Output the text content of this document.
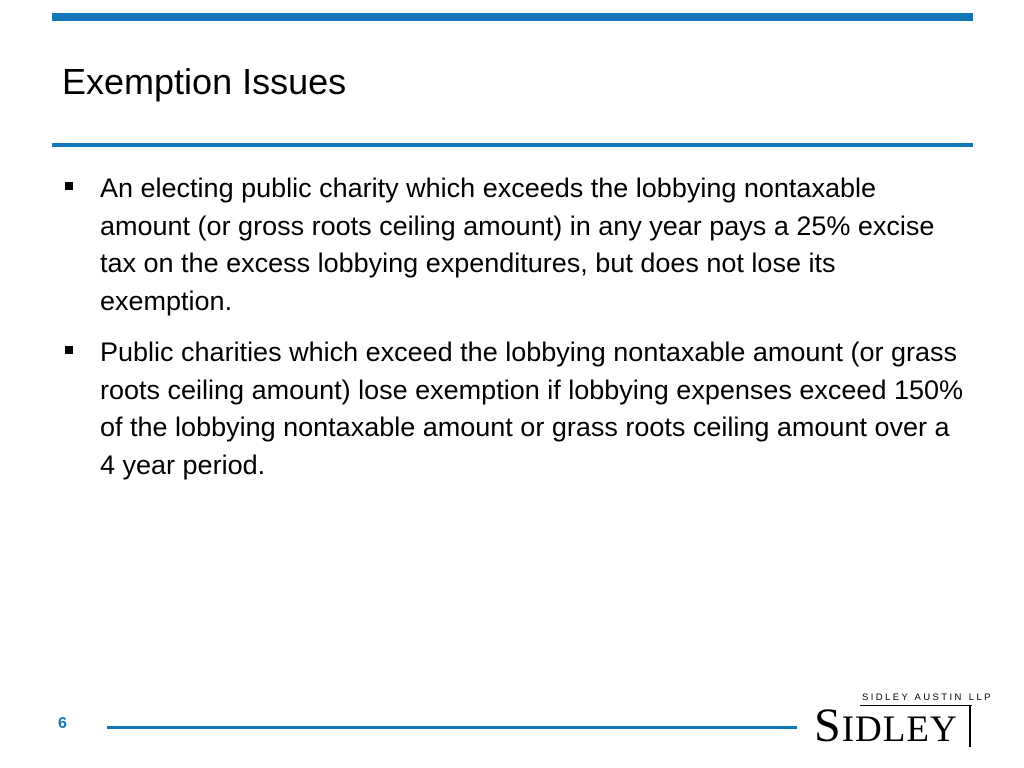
Exemption Issues
An electing public charity which exceeds the lobbying nontaxable amount (or gross roots ceiling amount) in any year pays a 25% excise tax on the excess lobbying expenditures, but does not lose its exemption.
Public charities which exceed the lobbying nontaxable amount (or grass roots ceiling amount) lose exemption if lobbying expenses exceed 150% of the lobbying nontaxable amount or grass roots ceiling amount over a 4 year period.
6
SIDLEY AUSTIN LLP
SIDLEY
